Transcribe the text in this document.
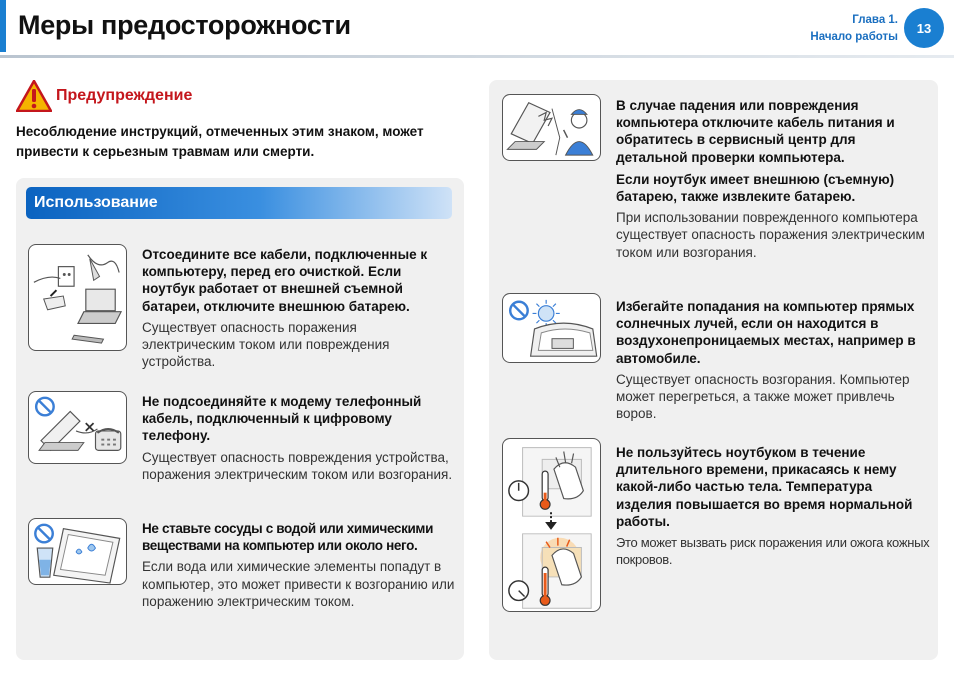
Меры предосторожности	Глава 1.
Начало работы
13
Предупреждение
Несоблюдение инструкций, отмеченных этим знаком, может привести к серьезным травмам или смерти.
Использование
Отсоедините все кабели, подключенные к компьютеру, перед его очисткой. Если ноутбук работает от внешней съемной батареи, отключите внешнюю батарею.
Существует опасность поражения электрическим током или повреждения устройства.
Не подсоединяйте к модему телефонный кабель, подключенный к цифровому телефону.
Существует опасность повреждения устройства, поражения электрическим током или возгорания.
Не ставьте сосуды с водой или химическими веществами на компьютер или около него.
Если вода или химические элементы попадут в компьютер, это может привести к возгоранию или поражению электрическим током.
В случае падения или повреждения компьютера отключите кабель питания и обратитесь в сервисный центр для детальной проверки компьютера.
Если ноутбук имеет внешнюю (съемную) батарею, также извлеките батарею.
При использовании поврежденного компьютера существует опасность поражения электрическим током или возгорания.
Избегайте попадания на компьютер прямых солнечных лучей, если он находится в воздухонепроницаемых местах, например в автомобиле.
Существует опасность возгорания. Компьютер может перегреться, а также может привлечь воров.
Не пользуйтесь ноутбуком в течение длительного времени, прикасаясь к нему какой-либо частью тела. Температура изделия повышается во время нормальной работы.
Это может вызвать риск поражения или ожога кожных покровов.
